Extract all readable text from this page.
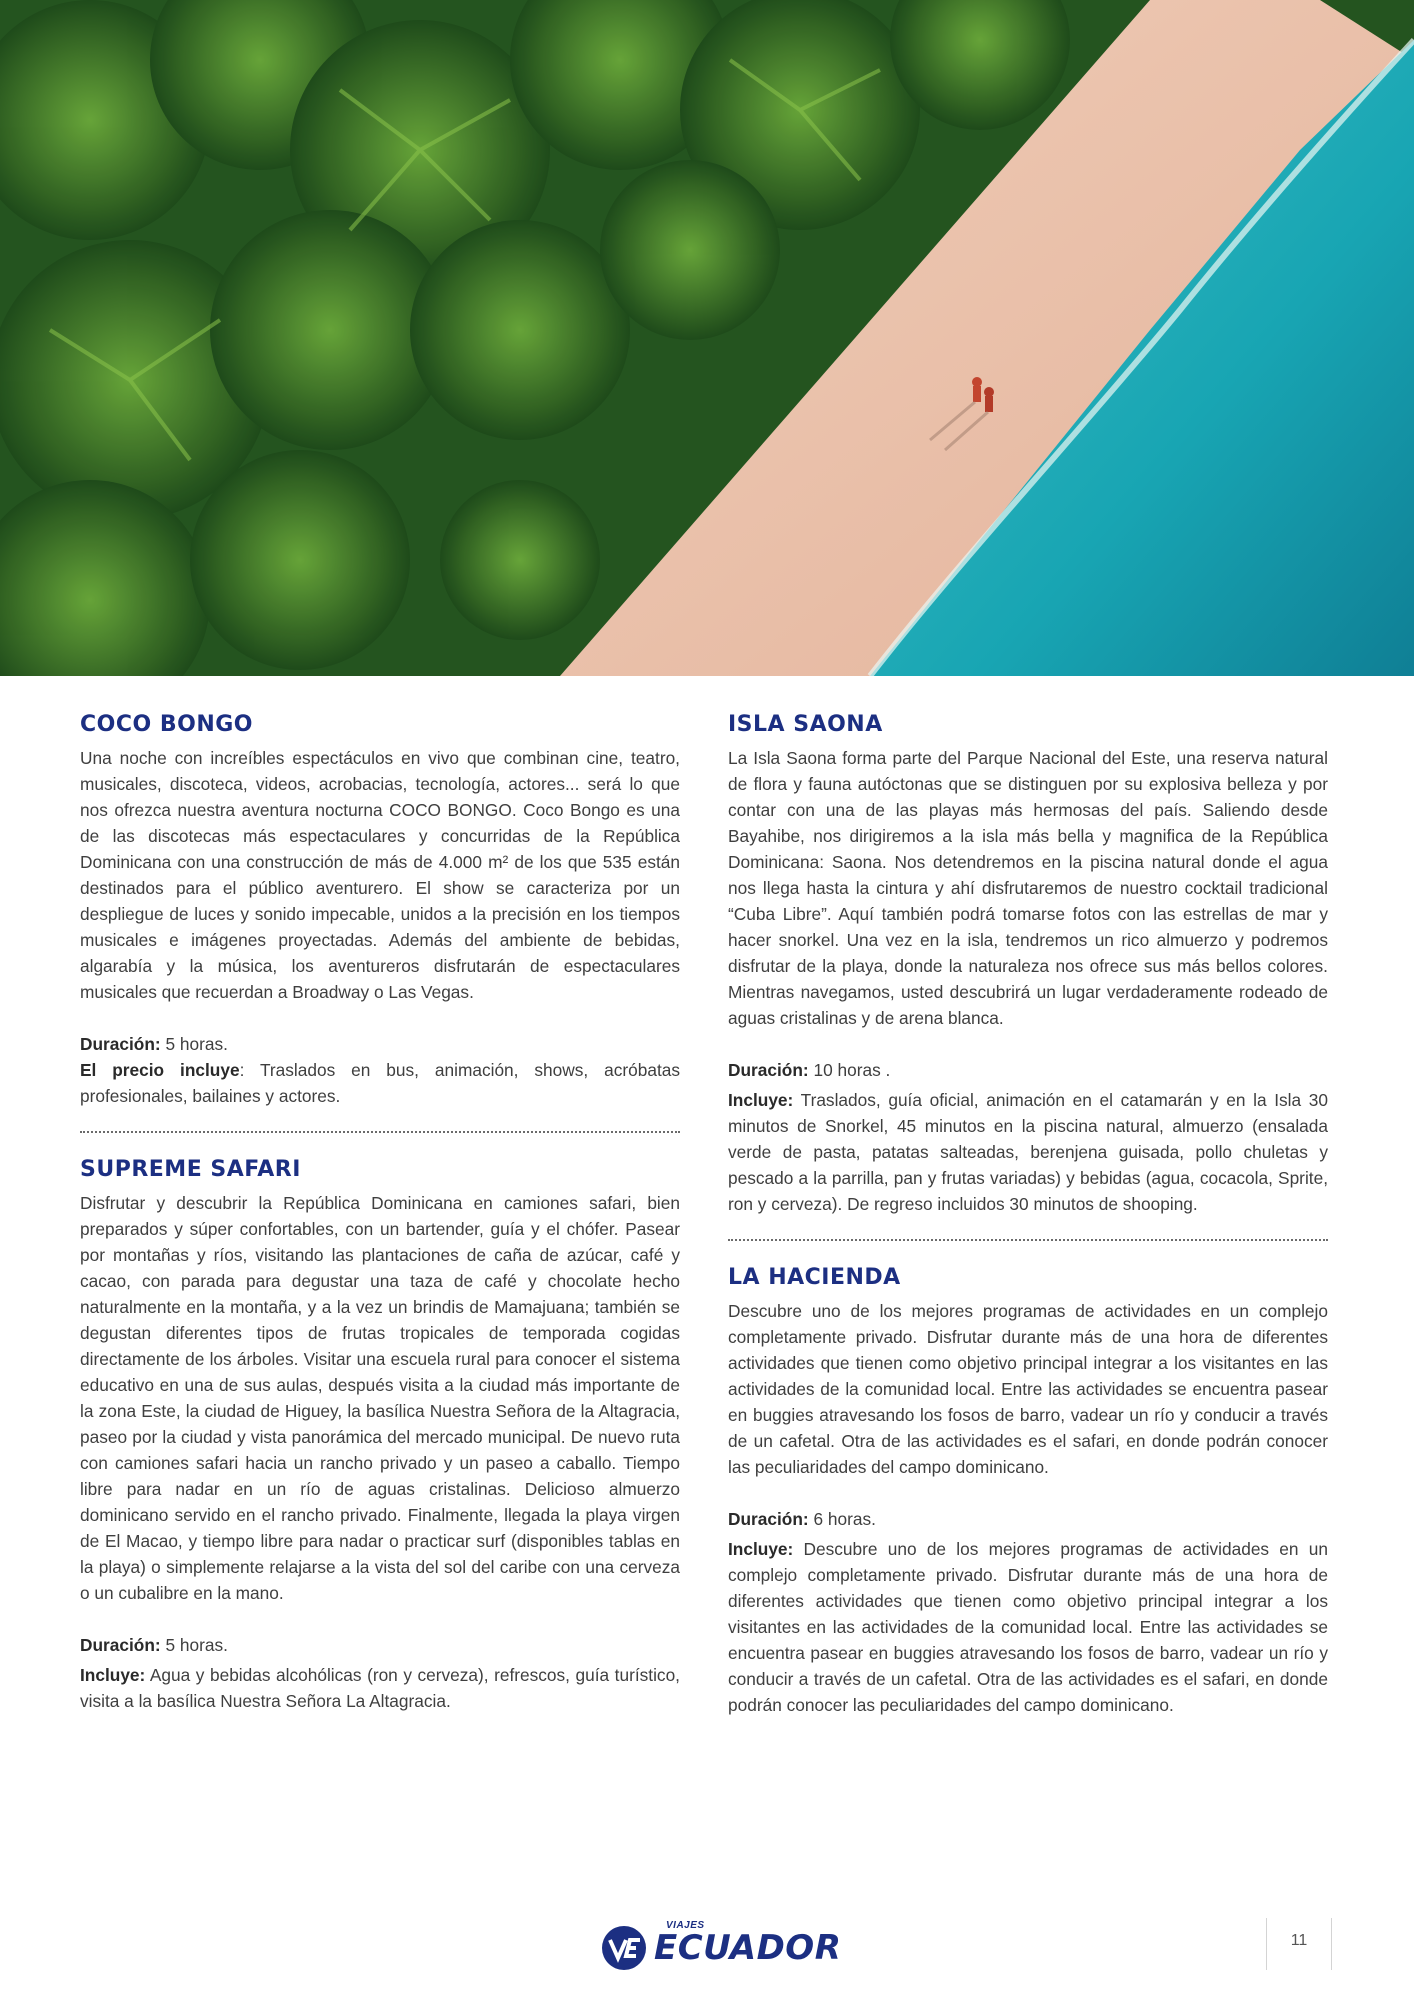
COCO BONGO

Una noche con increíbles espectáculos en vivo que combinan cine, teatro, musicales, discoteca, videos, acrobacias, tecnología, actores... será lo que nos ofrezca nuestra aventura nocturna COCO BONGO. Coco Bongo es una de las discotecas más espectaculares y concurridas de la República Dominicana con una construcción de más de 4.000 m² de los que 535 están destinados para el público aventurero. El show se caracteriza por un despliegue de luces y sonido impecable, unidos a la precisión en los tiempos musicales e imágenes proyectadas. Además del ambiente de bebidas, algarabía y la música, los aventureros disfrutarán de espectaculares musicales que recuerdan a Broadway o Las Vegas.

Duración: 5 horas.

El precio incluye: Traslados en bus, animación, shows, acróbatas profesionales, bailaines y actores.

SUPREME SAFARI

Disfrutar y descubrir la República Dominicana en camiones safari, bien preparados y súper confortables, con un bartender, guía y el chófer. Pasear por montañas y ríos, visitando las plantaciones de caña de azúcar, café y cacao, con parada para degustar una taza de café y chocolate hecho naturalmente en la montaña, y a la vez un brindis de Mamajuana; también se degustan diferentes tipos de frutas tropicales de temporada cogidas directamente de los árboles. Visitar una escuela rural para conocer el sistema educativo en una de sus aulas, después visita a la ciudad más importante de la zona Este, la ciudad de Higuey, la basílica Nuestra Señora de la Altagracia, paseo por la ciudad y vista panorámica del mercado municipal. De nuevo ruta con camiones safari hacia un rancho privado y un paseo a caballo. Tiempo libre para nadar en un río de aguas cristalinas. Delicioso almuerzo dominicano servido en el rancho privado. Finalmente, llegada la playa virgen de El Macao, y tiempo libre para nadar o practicar surf (disponibles tablas en la playa) o simplemente relajarse a la vista del sol del caribe con una cerveza o un cubalibre en la mano.

Duración: 5 horas.

Incluye: Agua y bebidas alcohólicas (ron y cerveza), refrescos, guía turístico, visita a la basílica Nuestra Señora La Altagracia.

ISLA SAONA

La Isla Saona forma parte del Parque Nacional del Este, una reserva natural de flora y fauna autóctonas que se distinguen por su explosiva belleza y por contar con una de las playas más hermosas del país. Saliendo desde Bayahibe, nos dirigiremos a la isla más bella y magnifica de la República Dominicana: Saona. Nos detendremos en la piscina natural donde el agua nos llega hasta la cintura y ahí disfrutaremos de nuestro cocktail tradicional “Cuba Libre”. Aquí también podrá tomarse fotos con las estrellas de mar y hacer snorkel. Una vez en la isla, tendremos un rico almuerzo y podremos disfrutar de la playa, donde la naturaleza nos ofrece sus más bellos colores. Mientras navegamos, usted descubrirá un lugar verdaderamente rodeado de aguas cristalinas y de arena blanca.

Duración: 10 horas .

Incluye: Traslados, guía oficial, animación en el catamarán y en la Isla 30 minutos de Snorkel, 45 minutos en la piscina natural, almuerzo (ensalada verde de pasta, patatas salteadas, berenjena guisada, pollo chuletas y pescado a la parrilla, pan y frutas variadas) y bebidas (agua, cocacola, Sprite, ron y cerveza). De regreso incluidos 30 minutos de shooping.

LA HACIENDA

Descubre uno de los mejores programas de actividades en un complejo completamente privado. Disfrutar durante más de una hora de diferentes actividades que tienen como objetivo principal integrar a los visitantes en las actividades de la comunidad local. Entre las actividades se encuentra pasear en buggies atravesando los fosos de barro, vadear un río y conducir a través de un cafetal. Otra de las actividades es el safari, en donde podrán conocer las peculiaridades del campo dominicano.

Duración: 6 horas.

Incluye: Descubre uno de los mejores programas de actividades en un complejo completamente privado. Disfrutar durante más de una hora de diferentes actividades que tienen como objetivo principal integrar a los visitantes en las actividades de la comunidad local. Entre las actividades se encuentra pasear en buggies atravesando los fosos de barro, vadear un río y conducir a través de un cafetal. Otra de las actividades es el safari, en donde podrán conocer las peculiaridades del campo dominicano.

VIAJES
ECUADOR	11
